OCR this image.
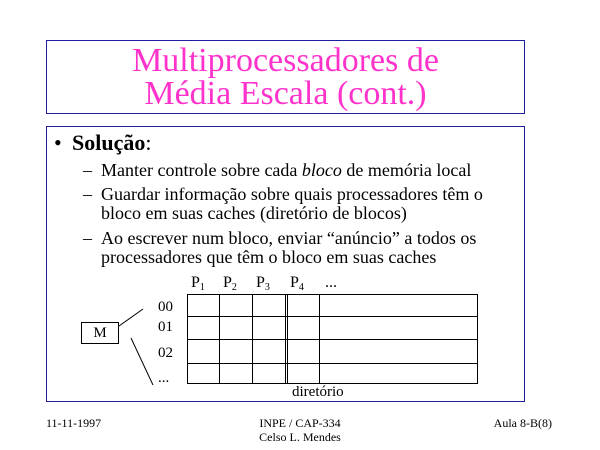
Multiprocessadores de
Média Escala (cont.)
• Solução:
– Manter controle sobre cada bloco de memória local
– Guardar informação sobre quais processadores têm o
bloco em suas caches (diretório de blocos)
– Ao escrever num bloco, enviar “anúncio” a todos os
processadores que têm o bloco em suas caches
$P_1$ $P_2$ $P_3$ $P_4$ ...
00
01
02
...
M
diretório
11-11-1997	INPE / CAP-334
Celso L. Mendes
Aula 8-B(8)
